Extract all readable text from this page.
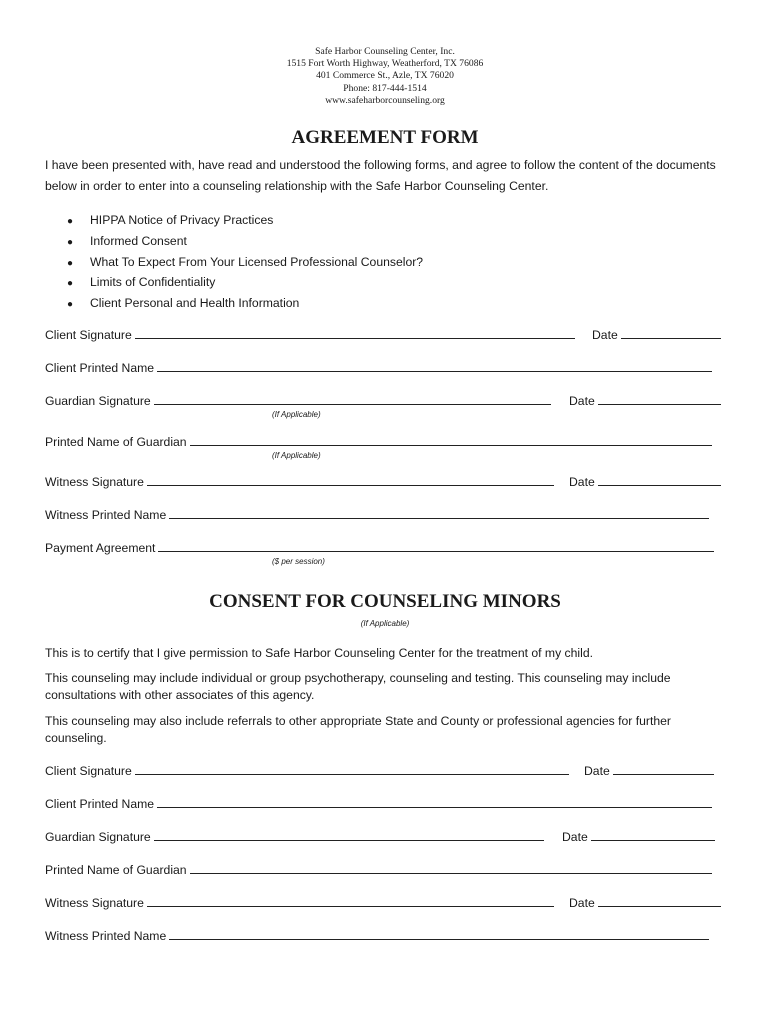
Safe Harbor Counseling Center, Inc.
1515 Fort Worth Highway, Weatherford, TX 76086
401 Commerce St., Azle, TX 76020
Phone: 817-444-1514
www.safeharborcounseling.org
AGREEMENT FORM
I have been presented with, have read and understood the following forms, and agree to follow the content of the documents below in order to enter into a counseling relationship with the Safe Harbor Counseling Center.
● HIPPA Notice of Privacy Practices
● Informed Consent
● What To Expect From Your Licensed Professional Counselor?
● Limits of Confidentiality
● Client Personal and Health Information
Client Signature	Date
Client Printed Name
Guardian Signature	Date
(If Applicable)
Printed Name of Guardian
(If Applicable)
Witness Signature	Date
Witness Printed Name
Payment Agreement
($ per session)
CONSENT FOR COUNSELING MINORS
(If Applicable)
This is to certify that I give permission to Safe Harbor Counseling Center for the treatment of my child.
This counseling may include individual or group psychotherapy, counseling and testing. This counseling may include consultations with other associates of this agency.
This counseling may also include referrals to other appropriate State and County or professional agencies for further counseling.
Client Signature	Date
Client Printed Name
Guardian Signature	Date
Printed Name of Guardian
Witness Signature	Date
Witness Printed Name
